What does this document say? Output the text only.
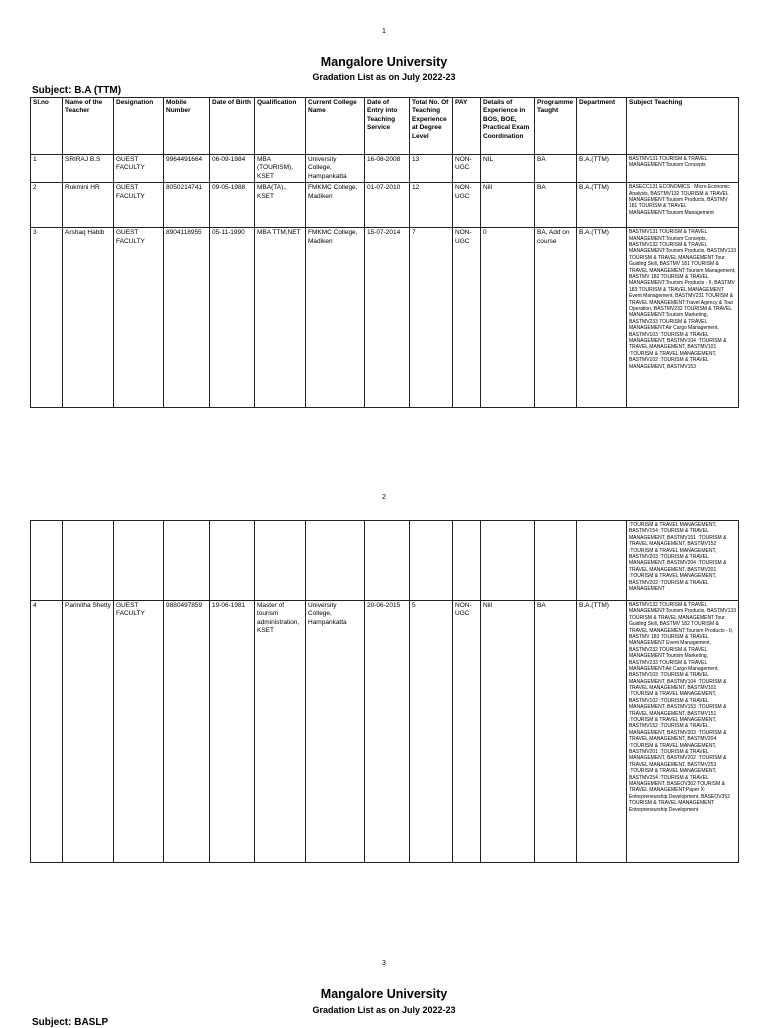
1
Mangalore University
Gradation List as on July 2022-23
Subject: B.A (TTM)
Sl.no	Name of the Teacher	Designation	Mobile Number	Date of Birth	Qualification	Current College Name	Date of Entry into Teaching Service	Total No. Of Teaching Experience at Degree Level	PAY	Details of Experience in BOS, BOE, Practical Exam Coordination	Programme Taught	Department	Subject Teaching
1	SRIRAJ B.S	GUEST FACULTY	9964491664	06-09-1984	MBA (TOURISM), KSET	University College, Hampankatta	16-08-2008	13	NON-UGC	NIL	BA	B.A.(TTM)	BASTMV131 TOURISM & TRAVEL MANAGEMENT:Tourism Concepts
2	Rukmini HR	GUEST FACULTY	8050214741	09-05-1988	MBA(TA)., KSET	FMKMC College, Madikeri	01-07-2010	12	NON-UGC	Nill	BA	B.A.(TTM)	BASECC131 ECONOMICS : Micro Economic Analysis, BASTMV132 TOURISM & TRAVEL MANAGEMENT:Tourism Products, BASTMV 181 TOURISM & TRAVEL MANAGEMENT:Tourism Management
3	Arshaq Habib	GUEST FACULTY	8904118955	05-11-1990	MBA TTM,NET	FMKMC College, Madikeri	15-07-2014	7	NON-UGC	0	BA, Add on course	B.A.(TTM)	BASTMV131 TOURISM & TRAVEL MANAGEMENT:Tourism Concepts, BASTMV132 TOURISM & TRAVEL MANAGEMENT:Tourism Products, BASTMV133 TOURISM & TRAVEL MANAGEMENT:Tour Guiding Skill, BASTMV 181 TOURISM & TRAVEL MANAGEMENT:Tourism Management, BASTMV 182 TOURISM & TRAVEL MANAGEMENT:Tourism Products - II, BASTMV 183 TOURISM & TRAVEL MANAGEMENT Event Management, BASTMV231 TOURISM & TRAVEL MANAGEMENT:Travel Agency & Tour Operation, BASTMV232 TOURISM & TRAVEL MANAGEMENT:Tourism Marketing, BASTMV233 TOURISM & TRAVEL MANAGEMENT:Air Cargo Management, BASTMV103 :TOURISM & TRAVEL MANAGEMENT, BASTMV104 :TOURISM & TRAVEL MANAGEMENT, BASTMV101 :TOURISM & TRAVEL MANAGEMENT, BASTMV102 :TOURISM & TRAVEL MANAGEMENT, BASTMV153
2
													:TOURISM & TRAVEL MANAGEMENT, BASTMV154 :TOURISM & TRAVEL MANAGEMENT, BASTMV151 :TOURISM & TRAVEL MANAGEMENT, BASTMV152 :TOURISM & TRAVEL MANAGEMENT, BASTMV203 :TOURISM & TRAVEL MANAGEMENT, BASTMV204 :TOURISM & TRAVEL MANAGEMENT, BASTMV201 :TOURISM & TRAVEL MANAGEMENT, BASTMV202 :TOURISM & TRAVEL MANAGEMENT
4	Parinitha Shetty	GUEST FACULTY	9880497859	19-06-1981	Master of tourism administration, KSET	University College, Hampankatta	20-06-2015	5	NON-UGC	Nill	BA	B.A.(TTM)	BASTMV132 TOURISM & TRAVEL MANAGEMENT:Tourism Products, BASTMV133 TOURISM & TRAVEL MANAGEMENT:Tour Guiding Skill, BASTMV 182 TOURISM & TRAVEL MANAGEMENT:Tourism Products - II, BASTMV 183 TOURISM & TRAVEL MANAGEMENT Event Management, BASTMV232 TOURISM & TRAVEL MANAGEMENT:Tourism Marketing, BASTMV233 TOURISM & TRAVEL MANAGEMENT:Air Cargo Management, BASTMV103 :TOURISM & TRAVEL MANAGEMENT, BASTMV104 :TOURISM & TRAVEL MANAGEMENT, BASTMV101 :TOURISM & TRAVEL MANAGEMENT, BASTMV102 :TOURISM & TRAVEL MANAGEMENT, BASTMV153 :TOURISM & TRAVEL MANAGEMENT, BASTMV151 :TOURISM & TRAVEL MANAGEMENT, BASTMV152 :TOURISM & TRAVEL MANAGEMENT, BASTMV203 :TOURISM & TRAVEL MANAGEMENT, BASTMV204 :TOURISM & TRAVEL MANAGEMENT, BASTMV201 :TOURISM & TRAVEL MANAGEMENT, BASTMV202 :TOURISM & TRAVEL MANAGEMENT, BASTMV253 :TOURISM & TRAVEL MANAGEMENT, BASTMV254 :TOURISM & TRAVEL MANAGEMENT, BASEOV302 TOURISM & TRAVEL MANAGEMENT:Paper X: Entrepreneurship Development, BASEOV352 TOURISM & TRAVEL MANAGEMENT Entrepreneurship Development
3
Mangalore University
Gradation List as on July 2022-23
Subject: BASLP
